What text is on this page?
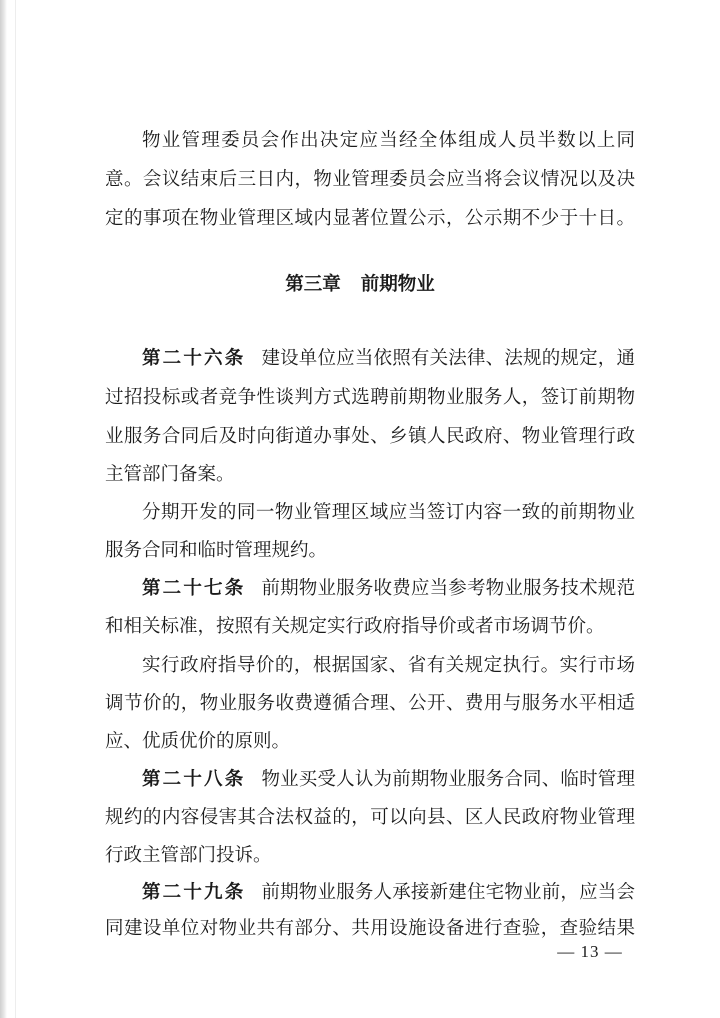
物业管理委员会作出决定应当经全体组成人员半数以上同
意。会议结束后三日内，物业管理委员会应当将会议情况以及决
定的事项在物业管理区域内显著位置公示，公示期不少于十日。
第三章 前期物业
第二十六条 建设单位应当依照有关法律、法规的规定，通
过招投标或者竞争性谈判方式选聘前期物业服务人，签订前期物
业服务合同后及时向街道办事处、乡镇人民政府、物业管理行政
主管部门备案。
分期开发的同一物业管理区域应当签订内容一致的前期物业
服务合同和临时管理规约。
第二十七条 前期物业服务收费应当参考物业服务技术规范
和相关标准，按照有关规定实行政府指导价或者市场调节价。
实行政府指导价的，根据国家、省有关规定执行。实行市场
调节价的，物业服务收费遵循合理、公开、费用与服务水平相适
应、优质优价的原则。
第二十八条 物业买受人认为前期物业服务合同、临时管理
规约的内容侵害其合法权益的，可以向县、区人民政府物业管理
行政主管部门投诉。
第二十九条 前期物业服务人承接新建住宅物业前，应当会
同建设单位对物业共有部分、共用设施设备进行查验，查验结果
— 13 —
